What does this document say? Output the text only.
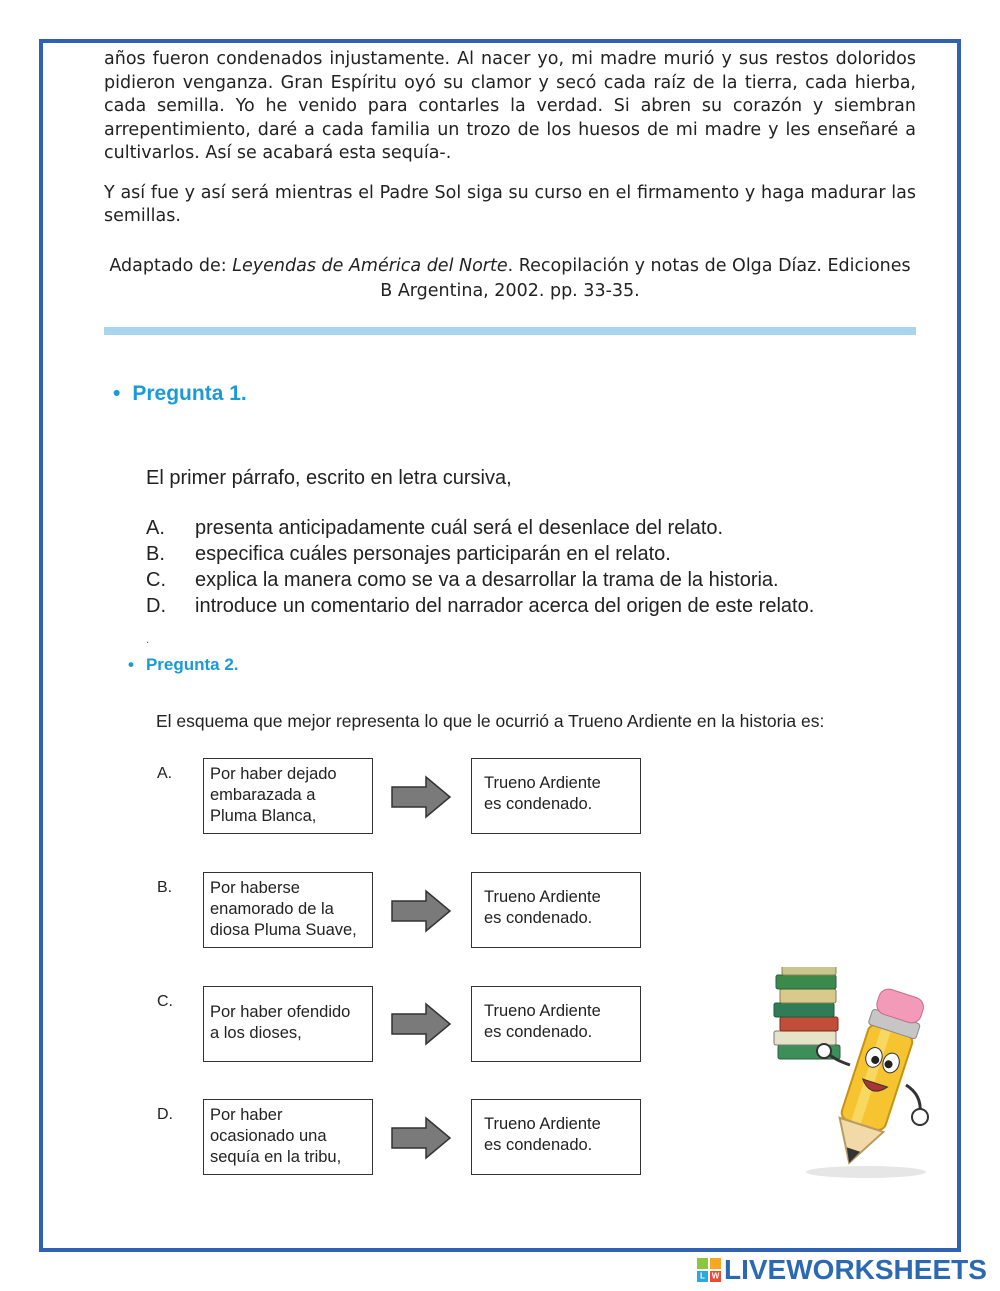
años fueron condenados injustamente. Al nacer yo, mi madre murió y sus restos doloridos pidieron venganza. Gran Espíritu oyó su clamor y secó cada raíz de la tierra, cada hierba, cada semilla. Yo he venido para contarles la verdad. Si abren su corazón y siembran arrepentimiento, daré a cada familia un trozo de los huesos de mi madre y les enseñaré a cultivarlos. Así se acabará esta sequía-.

Y así fue y así será mientras el Padre Sol siga su curso en el firmamento y haga madurar las semillas.

Adaptado de: Leyendas de América del Norte. Recopilación y notas de Olga Díaz. Ediciones B Argentina, 2002. pp. 33-35.
• Pregunta 1.
El primer párrafo, escrito en letra cursiva,
A.	presenta anticipadamente cuál será el desenlace del relato.
B.	especifica cuáles personajes participarán en el relato.
C.	explica la manera como se va a desarrollar la trama de la historia.
D.	introduce un comentario del narrador acerca del origen de este relato.
.
• Pregunta 2.
El esquema que mejor representa lo que le ocurrió a Trueno Ardiente en la historia es:
A. Por haber dejado
embarazada a
Pluma Blanca,
Trueno Ardiente
es condenado.
B. Por haberse
enamorado de la
diosa Pluma Suave,
Trueno Ardiente
es condenado.
C.
Por haber ofendido
a los dioses,
Trueno Ardiente
es condenado.
D. Por haber
ocasionado una
sequía en la tribu,
Trueno Ardiente
es condenado.
L W LIVEWORKSHEETS
